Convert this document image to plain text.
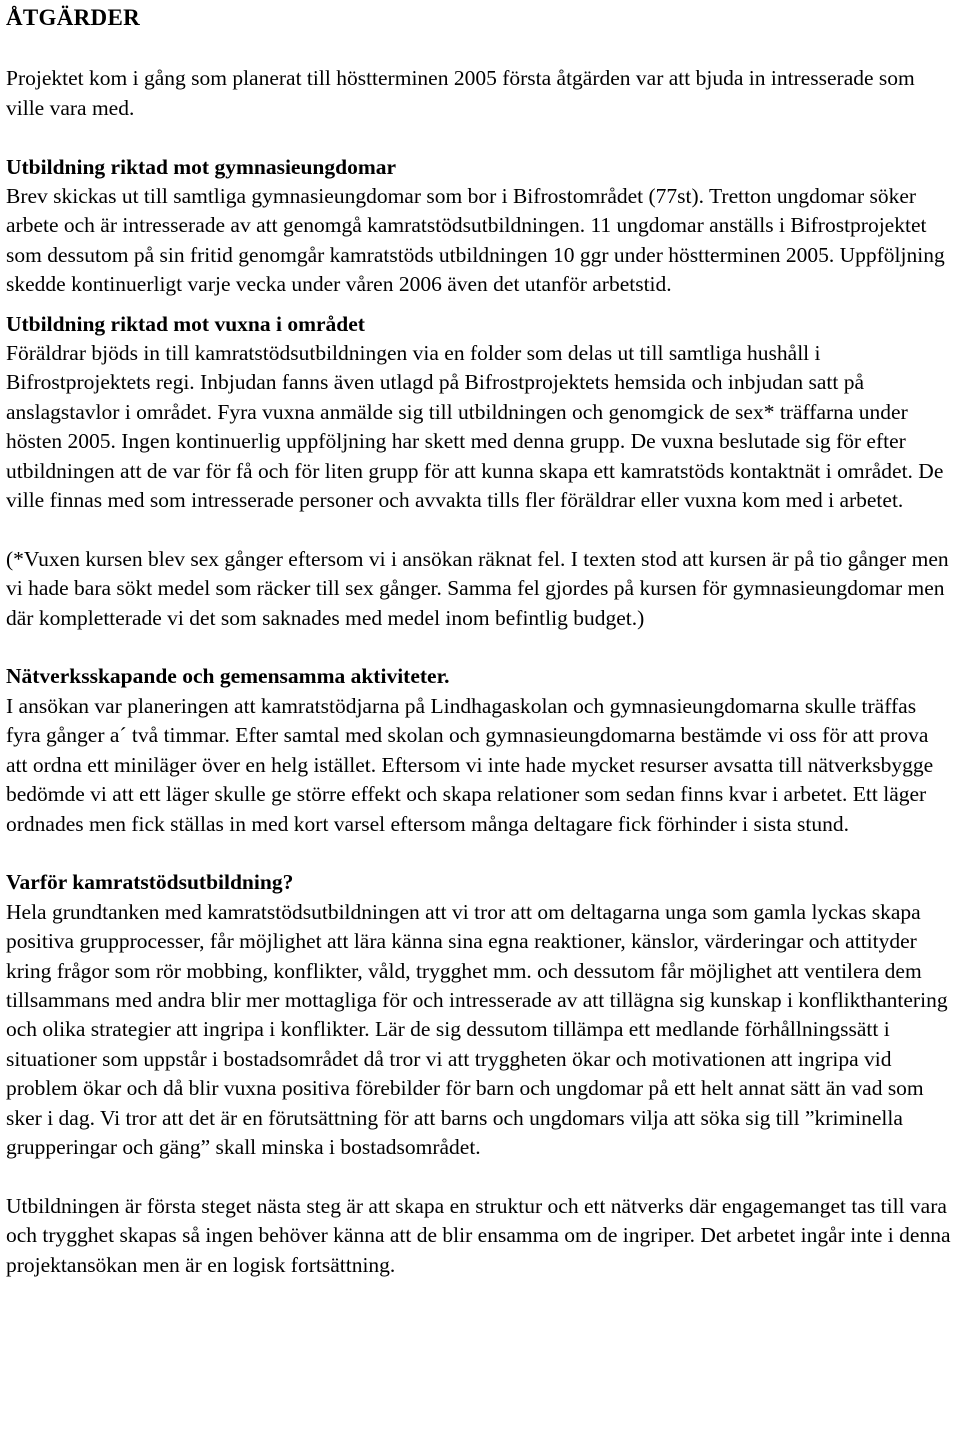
ÅTGÄRDER

Projektet kom i gång som planerat till höstterminen 2005 första åtgärden var att bjuda in intresserade som ville vara med.

Utbildning riktad mot gymnasieungdomar

Brev skickas ut till samtliga gymnasieungdomar som bor i Bifrostområdet (77st). Tretton ungdomar söker arbete och är intresserade av att genomgå kamratstödsutbildningen. 11 ungdomar anställs i Bifrostprojektet som dessutom på sin fritid genomgår kamratstöds utbildningen 10 ggr under höstterminen 2005. Uppföljning skedde kontinuerligt varje vecka under våren 2006 även det utanför arbetstid.

Utbildning riktad mot vuxna i området

Föräldrar bjöds in till kamratstödsutbildningen via en folder som delas ut till samtliga hushåll i Bifrostprojektets regi. Inbjudan fanns även utlagd på Bifrostprojektets hemsida och inbjudan satt på anslagstavlor i området. Fyra vuxna anmälde sig till utbildningen och genomgick de sex* träffarna under hösten 2005. Ingen kontinuerlig uppföljning har skett med denna grupp. De vuxna beslutade sig för efter utbildningen att de var för få och för liten grupp för att kunna skapa ett kamratstöds kontaktnät i området. De ville finnas med som intresserade personer och avvakta tills fler föräldrar eller vuxna kom med i arbetet.

(*Vuxen kursen blev sex gånger eftersom vi i ansökan räknat fel. I texten stod att kursen är på tio gånger men vi hade bara sökt medel som räcker till sex gånger. Samma fel gjordes på kursen för gymnasieungdomar men där kompletterade vi det som saknades med medel inom befintlig budget.)

Nätverksskapande och gemensamma aktiviteter.

I ansökan var planeringen att kamratstödjarna på Lindhagaskolan och gymnasieungdomarna skulle träffas fyra gånger a´ två timmar. Efter samtal med skolan och gymnasieungdomarna bestämde vi oss för att prova att ordna ett miniläger över en helg istället. Eftersom vi inte hade mycket resurser avsatta till nätverksbygge bedömde vi att ett läger skulle ge större effekt och skapa relationer som sedan finns kvar i arbetet. Ett läger ordnades men fick ställas in med kort varsel eftersom många deltagare fick förhinder i sista stund.

Varför kamratstödsutbildning?

Hela grundtanken med kamratstödsutbildningen att vi tror att om deltagarna unga som gamla lyckas skapa positiva grupprocesser, får möjlighet att lära känna sina egna reaktioner, känslor, värderingar och attityder kring frågor som rör mobbing, konflikter, våld, trygghet mm. och dessutom får möjlighet att ventilera dem tillsammans med andra blir mer mottagliga för och intresserade av att tillägna sig kunskap i konflikthantering och olika strategier att ingripa i konflikter. Lär de sig dessutom tillämpa ett medlande förhållningssätt i situationer som uppstår i bostadsområdet då tror vi att tryggheten ökar och motivationen att ingripa vid problem ökar och då blir vuxna positiva förebilder för barn och ungdomar på ett helt annat sätt än vad som sker i dag. Vi tror att det är en förutsättning för att barns och ungdomars vilja att söka sig till ”kriminella grupperingar och gäng” skall minska i bostadsområdet.

Utbildningen är första steget nästa steg är att skapa en struktur och ett nätverks där engagemanget tas till vara och trygghet skapas så ingen behöver känna att de blir ensamma om de ingriper. Det arbetet ingår inte i denna projektansökan men är en logisk fortsättning.
